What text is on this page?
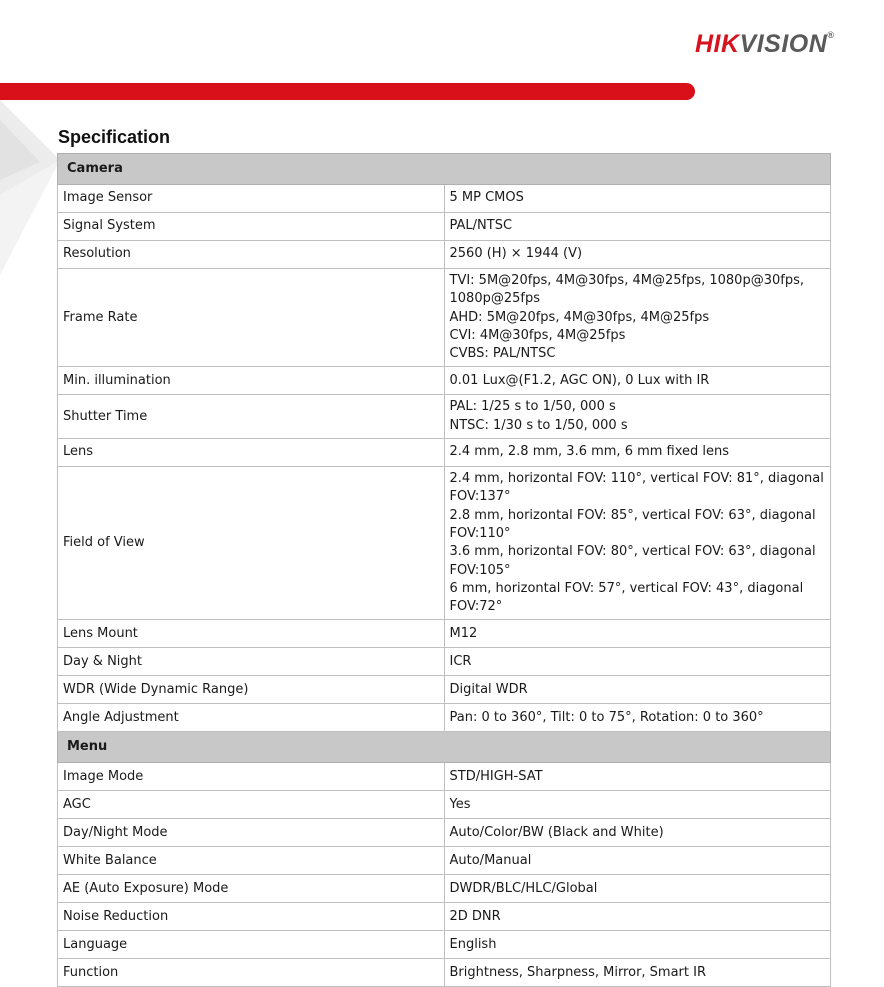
HIKVISION®
Specification
Camera	
Image Sensor	5 MP CMOS

Signal System	PAL/NTSC

Resolution	2560 (H) × 1944 (V)

Frame Rate	TVI: 5M@20fps, 4M@30fps, 4M@25fps, 1080p@30fps, 1080p@25fps
AHD: 5M@20fps, 4M@30fps, 4M@25fps
CVI: 4M@30fps, 4M@25fps
CVBS: PAL/NTSC

Min. illumination	0.01 Lux@(F1.2, AGC ON), 0 Lux with IR

Shutter Time	PAL: 1/25 s to 1/50, 000 s
NTSC: 1/30 s to 1/50, 000 s

Lens	2.4 mm, 2.8 mm, 3.6 mm, 6 mm fixed lens

Field of View	2.4 mm, horizontal FOV: 110°, vertical FOV: 81°, diagonal FOV:137°
2.8 mm, horizontal FOV: 85°, vertical FOV: 63°, diagonal FOV:110°
3.6 mm, horizontal FOV: 80°, vertical FOV: 63°, diagonal FOV:105°
6 mm, horizontal FOV: 57°, vertical FOV: 43°, diagonal FOV:72°

Lens Mount	M12

Day & Night	ICR

WDR (Wide Dynamic Range)	Digital WDR

Angle Adjustment	Pan: 0 to 360°, Tilt: 0 to 75°, Rotation: 0 to 360°

Menu	
Image Mode	STD/HIGH-SAT

AGC	Yes

Day/Night Mode	Auto/Color/BW (Black and White)

White Balance	Auto/Manual

AE (Auto Exposure) Mode	DWDR/BLC/HLC/Global

Noise Reduction	2D DNR

Language	English

Function	Brightness, Sharpness, Mirror, Smart IR
